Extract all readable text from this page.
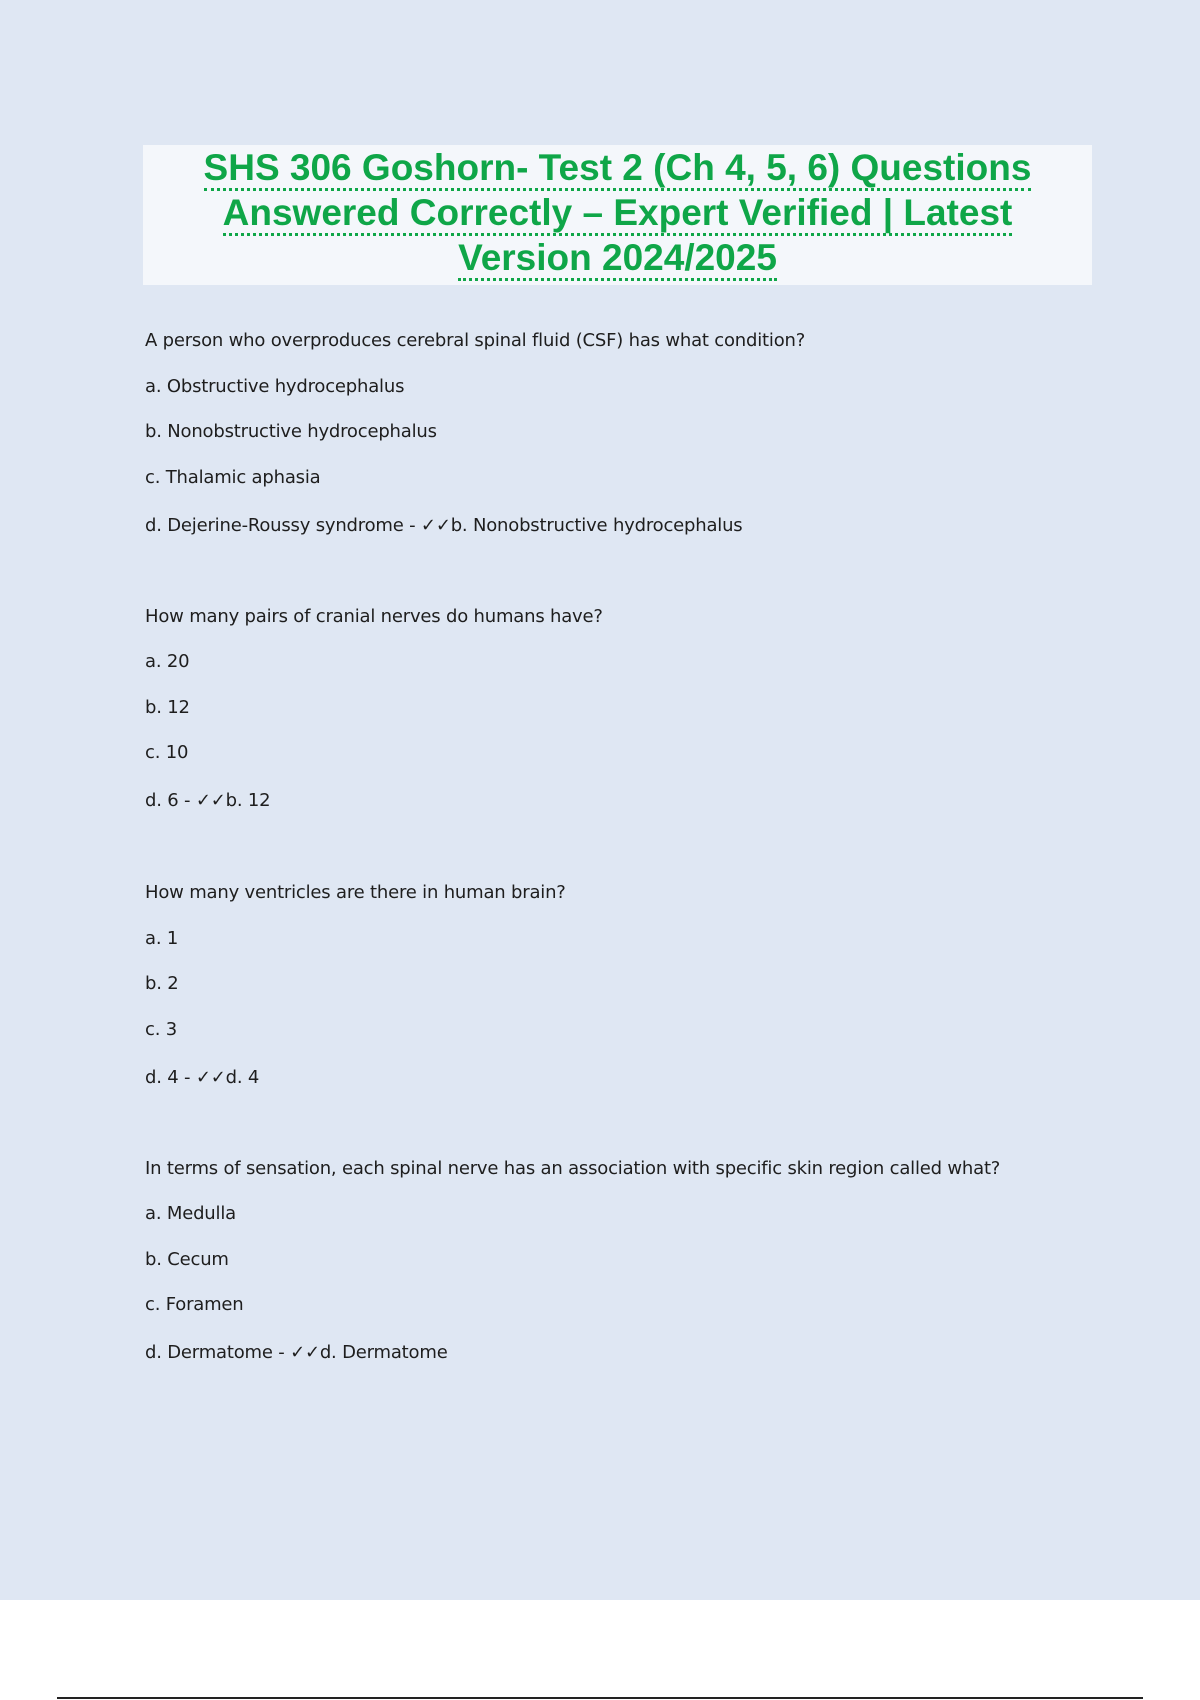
SHS 306 Goshorn- Test 2 (Ch 4, 5, 6) Questions
Answered Correctly – Expert Verified | Latest
Version 2024/2025
A person who overproduces cerebral spinal fluid (CSF) has what condition?
a. Obstructive hydrocephalus
b. Nonobstructive hydrocephalus
c. Thalamic aphasia
d. Dejerine-Roussy syndrome - ✓✓b. Nonobstructive hydrocephalus
How many pairs of cranial nerves do humans have?
a. 20
b. 12
c. 10
d. 6 - ✓✓b. 12
How many ventricles are there in human brain?
a. 1
b. 2
c. 3
d. 4 - ✓✓d. 4
In terms of sensation, each spinal nerve has an association with specific skin region called what?
a. Medulla
b. Cecum
c. Foramen
d. Dermatome - ✓✓d. Dermatome
